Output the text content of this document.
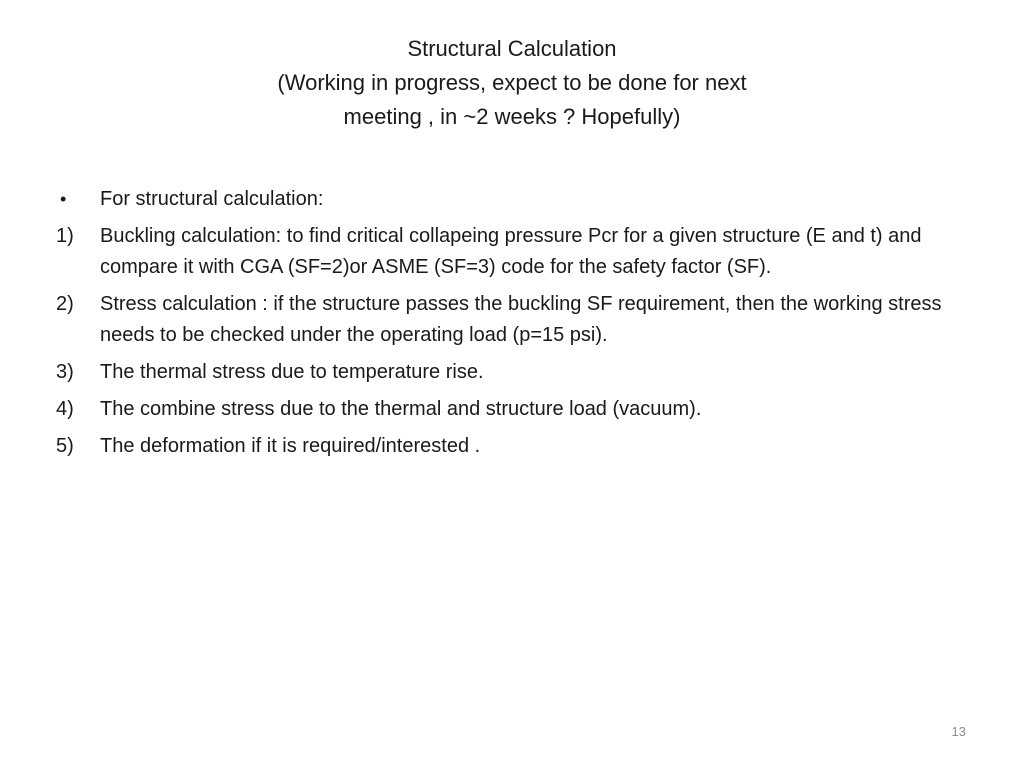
Structural Calculation
(Working in progress, expect to be done for next
meeting , in ~2 weeks ? Hopefully)
•	For structural calculation:
1)	Buckling calculation: to find critical collapeing pressure Pcr for a given structure (E and t) and compare it with CGA (SF=2)or ASME (SF=3) code for the safety factor (SF).
2)	Stress calculation : if the structure passes the buckling SF requirement, then the working stress needs to be checked under the operating load (p=15 psi).
3)	The thermal stress due to temperature rise.
4)	The combine stress due to the thermal and structure load (vacuum).
5)	The deformation if it is required/interested .
13
